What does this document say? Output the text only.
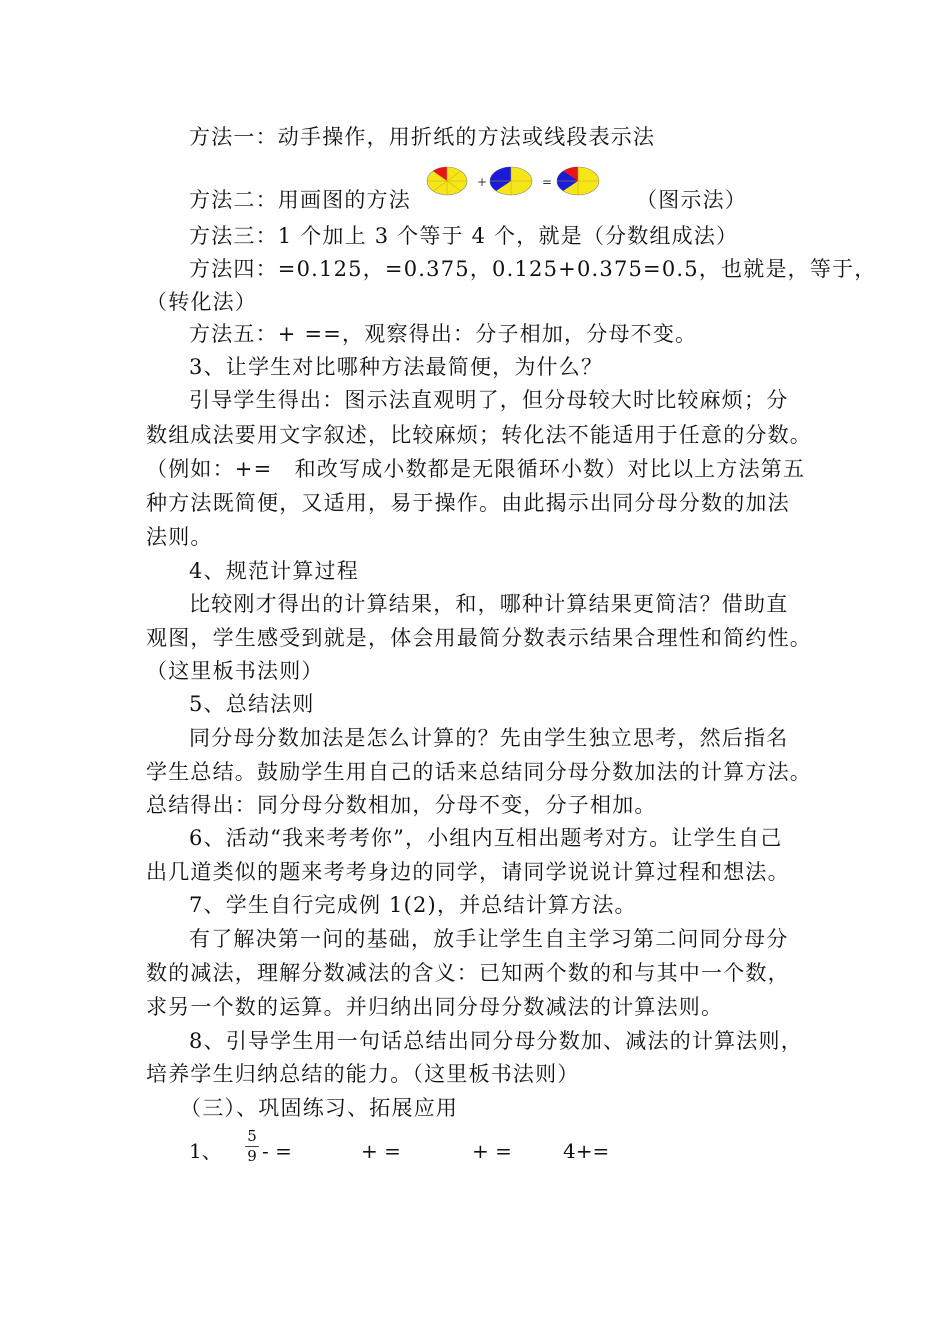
方法一：动手操作，用折纸的方法或线段表示法
方法二：用画图的方法
+	=
（图示法）
方法三：1 个加上 3 个等于 4 个，就是（分数组成法）
方法四：=0.125，=0.375，0.125+0.375=0.5，也就是，等于，
（转化法）
方法五：+ ==，观察得出：分子相加，分母不变。
3、让学生对比哪种方法最简便，为什么？
引导学生得出：图示法直观明了，但分母较大时比较麻烦；分
数组成法要用文字叙述，比较麻烦；转化法不能适用于任意的分数。
（例如：+=　和改写成小数都是无限循环小数）对比以上方法第五
种方法既简便，又适用，易于操作。由此揭示出同分母分数的加法
法则。
4、规范计算过程
比较刚才得出的计算结果，和，哪种计算结果更简洁？借助直
观图，学生感受到就是，体会用最简分数表示结果合理性和简约性。
（这里板书法则）
5、总结法则
同分母分数加法是怎么计算的？先由学生独立思考，然后指名
学生总结。鼓励学生用自己的话来总结同分母分数加法的计算方法。
总结得出：同分母分数相加，分母不变，分子相加。
6、活动“我来考考你”，小组内互相出题考对方。让学生自己
出几道类似的题来考考身边的同学，请同学说说计算过程和想法。
7、学生自行完成例 1(2)，并总结计算方法。
有了解决第一问的基础，放手让学生自主学习第二问同分母分
数的减法，理解分数减法的含义：已知两个数的和与其中一个数，
求另一个数的运算。并归纳出同分母分数减法的计算法则。
8、引导学生用一句话总结出同分母分数加、减法的计算法则，
培养学生归纳总结的能力。（这里板书法则）
（三）、巩固练习、拓展应用
1、
5
9 - =	+ =	+ =	4+=
